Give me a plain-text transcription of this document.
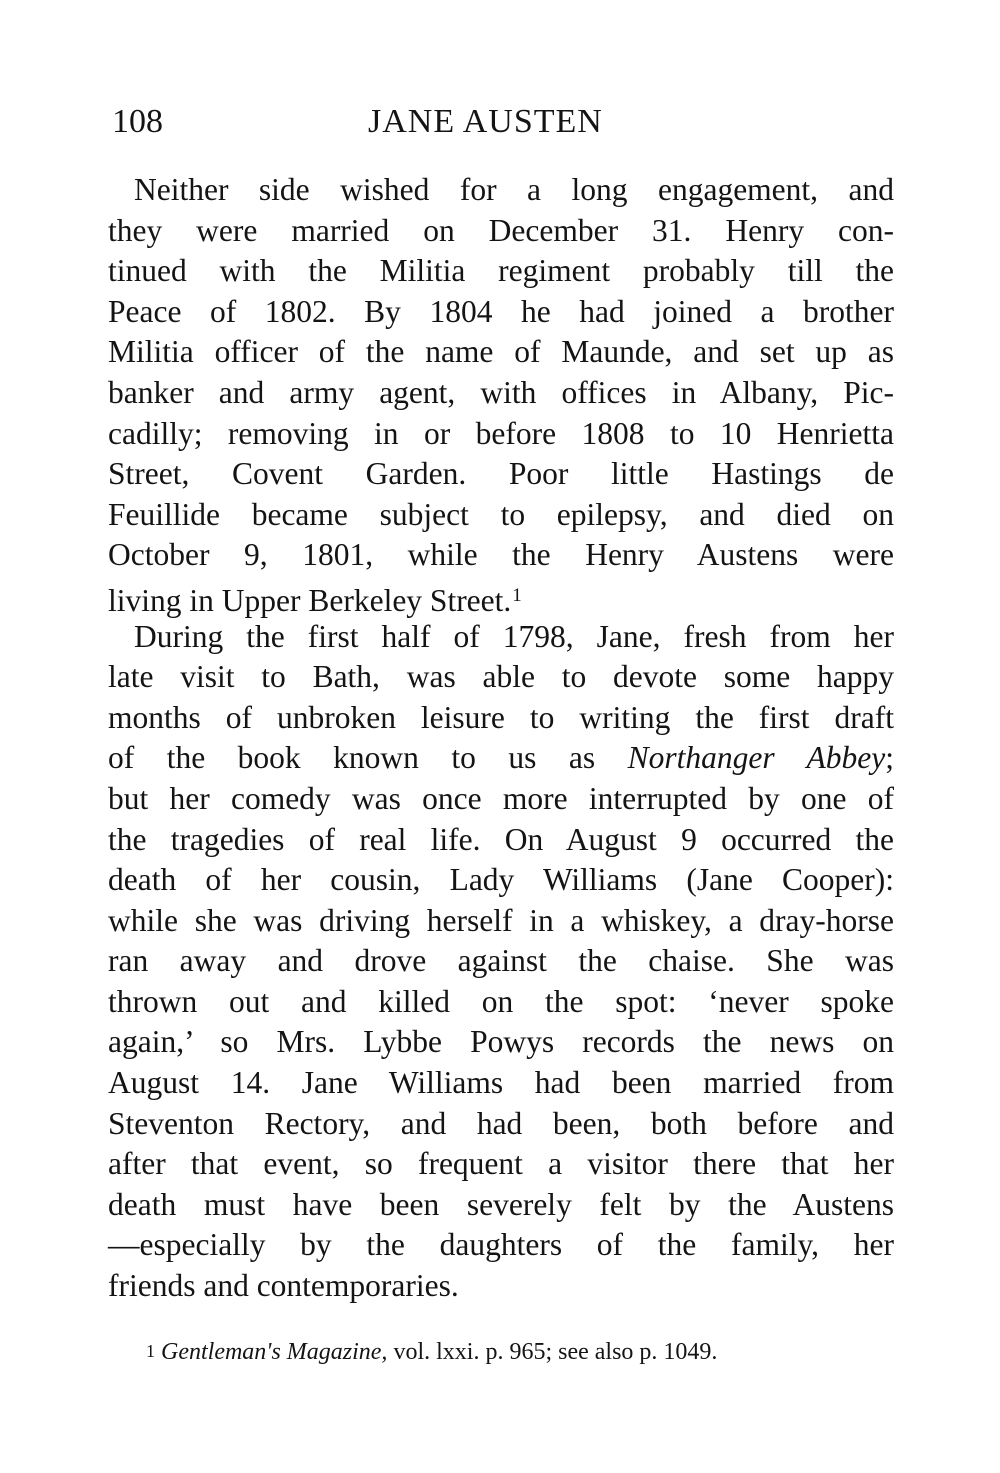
108	JANE AUSTEN
Neither side wished for a long engagement, and
they were married on December 31. Henry con-
tinued with the Militia regiment probably till the
Peace of 1802. By 1804 he had joined a brother
Militia officer of the name of Maunde, and set up as
banker and army agent, with offices in Albany, Pic-
cadilly; removing in or before 1808 to 10 Henrietta
Street, Covent Garden. Poor little Hastings de
Feuillide became subject to epilepsy, and died on
October 9, 1801, while the Henry Austens were
living in Upper Berkeley Street.$^1$
During the first half of 1798, Jane, fresh from her
late visit to Bath, was able to devote some happy
months of unbroken leisure to writing the first draft
of the book known to us as Northanger Abbey;
but her comedy was once more interrupted by one of
the tragedies of real life. On August 9 occurred the
death of her cousin, Lady Williams (Jane Cooper):
while she was driving herself in a whiskey, a dray-horse
ran away and drove against the chaise. She was
thrown out and killed on the spot: ‘never spoke
again,’ so Mrs. Lybbe Powys records the news on
August 14. Jane Williams had been married from
Steventon Rectory, and had been, both before and
after that event, so frequent a visitor there that her
death must have been severely felt by the Austens
—especially by the daughters of the family, her
friends and contemporaries.
1 Gentleman's Magazine, vol. lxxi. p. 965; see also p. 1049.
